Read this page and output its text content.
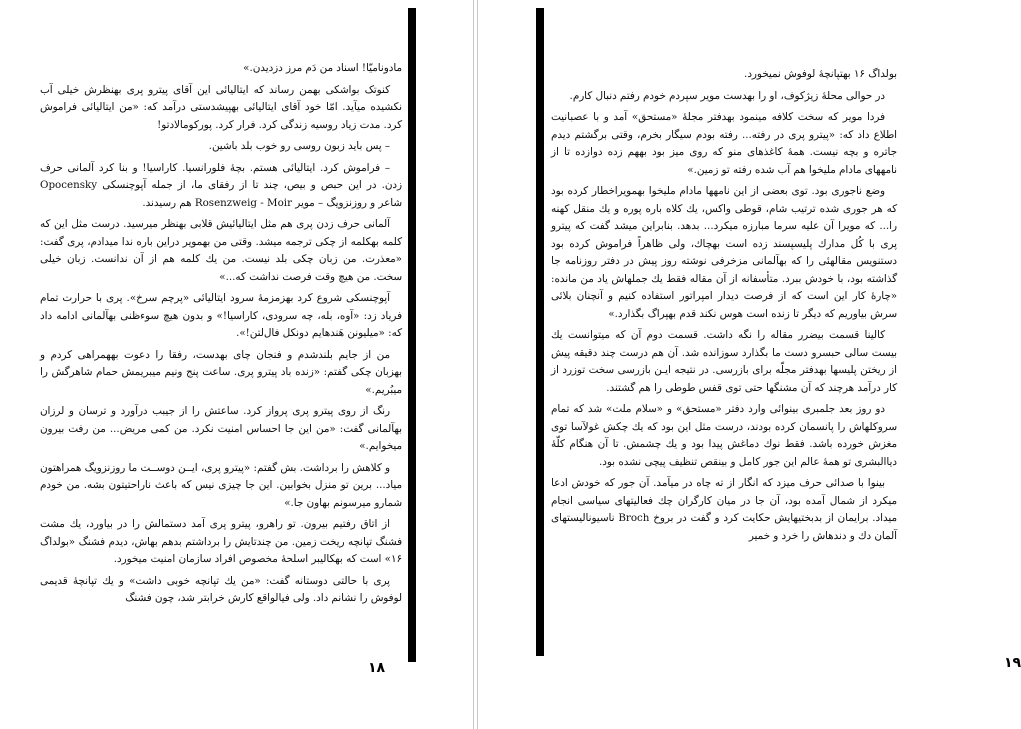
مادونامیّا! اسناد من دَم مرز دزدیدن.»

کنوتک بواشکی بهمن رساند که ایتالیائی این آقای پیترو پری بهنظرش خیلی آب نکشیده میآید. امّا خود آقای ایتالیائی بهپیشدستی درآمد که: «من ایتالیائی فراموش کرد. مدت زیاد روسیه زندگی کرد. فرار کرد. پورکومالادتو!

– پس باید زبون روسی رو خوب بلد باشین.

– فراموش کرد. ایتالیائی هستم. بچهٔ فلورانسیا. کاراسیا! و بنا کرد آلمانی حرف زدن. در این حبص و بیص، چند تا از رفقای ما، از جمله آپوچنسکی Opocensky شاعر و روزنزویگ – مویر Rosenzweig - Moir هم رسیدند.

آلمانی حرف زدن پری هم مثل ایتالیائیش قلابی بهنظر میرسید. درست مثل این که کلمه بهکلمه از چکی ترجمه میشد. وقتی من بهمویر دراین باره ندا میدادم، پری گفت: «معذرت. من زبان چکی بلد نیست. من یك کلمه هم از آن ندانست. زبان خیلی سخت. من هیچ وقت فرصت نداشت که...»

آپوچنسکی شروع کرد بهزمزمهٔ سرود ایتالیائی «پرچم سرخ». پری با حرارت تمام فریاد زد: «آوه، بله، چه سرودی، کاراسیا!» و بدون هیچ سوءظنی بهآلمانی ادامه داد که: «میلیونن هَندهایم دونکل فال‌لتن!».

من از جایم بلندشدم و فنجان چای بهدست، رفقا را دعوت بههمراهی کردم و بهزبان چکی گفتم: «زنده باد پیترو پری. ساعت پنج ونیم میبریمش حمام شاهرگش را میبُریم.»

رنگ از روی پیترو پری پرواز کرد. ساعتش را از جیبب درآورد و ترسان و لرزان بهآلمانی گفت: «من این جا احساس امنیت نکرد. من کمی مریض... من رفت بیرون میخوایم.»

و کلاهش را برداشت. بش گفتم: «پیترو پری، ایــن دوســت ما روزنزویگ همراهتون میاد... برین تو منزل بخوابین. این جا چیزی نیس که باعث ناراحتیتون بشه. من خودم شمارو میرسونم بهاون جا.»

از اتاق رفتیم بیرون. تو راهرو، پیترو پری آمد دستمالش را در بیاورد، یك مشت فشنگ تپانچه ریخت زمین. من چندتایش را برداشتم بدهم بهاش، دیدم فشنگ «بولداگ ۱۶» است که بهکالیبر اسلحهٔ مخصوص افراد سازمان امنیت میخورد.

پری با حالتی دوستانه گفت: «من یك تپانچه خوبی داشت» و یك تپانچهٔ قدیمی لوفوش را نشانم داد. ولی فیالواقع کارش خرابتر شد، چون فشنگ

۱۸

بولداگ ۱۶ بهتپانچهٔ لوفوش نمیخورد.

در حوالی محلهٔ زیژکوف، او را بهدست مویر سپردم خودم رفتم دنبال کارم.

فردا مویر که سخت کلافه مینمود بهدفتر مجلهٔ «مستحق» آمد و با عصبانیت اطلاع داد که: «پیترو پری در رفته... رفته بودم سیگار بخرم، وقتی برگشتم دیدم جاتره و بچه نیست. همهٔ کاغذهای منو که روی میز بود بههم زده دوازده تا از نامههای مادام ملیخوا هم آب شده رفته تو زمین.»

وضع ناجوری بود. توی بعضی از این نامهها مادام ملیخوا بهمویراخطار کرده بود که هر جوری شده ترتیب شام، قوطی واکس، یك کلاه باره پوره و یك منقل کهنه را... که مویرا آن علیه سرما مبارزه میکرد... بدهد. بنابراین میشد گفت که پیترو پری با کُل مدارك پلیسپسند زده است بهچاك، ولی ظاهراً فراموش کرده بود دستنویس مقالهئی را که بهآلمانی مزخرفی نوشته روز پیش در دفتر روزنامه جا گذاشته بود، با خودش ببرد. متأسفانه از آن مقاله فقط یك جملهاش یاد من مانده: «چارهٔ کار این است که از فرصت دیدار امپراتور استفاده کنیم و آنچنان بلائی سرش بیاوریم که دیگر تا زنده است هوس نکند قدم بهپراگ بگذارد.»

کالینا قسمت بیضرر مقاله را نگه داشت. قسمت دوم آن که میتوانست یك بیست سالی حبسرو دست ما بگذارد سوزانده شد. آن هم درست چند دقیقه پیش از ریختن پلیسها بهدفتر مجلّه برای بازرسی. در نتیجه ایـن بازرسی سخت توزرد از کار درآمد هرچند که آن مشنگها حتی توی قفس طوطی را هم گشتند.

دو روز بعد جلمبری بینوائی وارد دفتر «مستحق» و «سلام ملت» شد که تمام سروکلهاش را پانسمان کرده بودند، درست مثل این بود که یك چکش غولآسا توی مغزش خورده باشد. فقط نوك دماغش پیدا بود و یك چشمش. تا آن هنگام کلّهٔ دیاالبشری تو همهٔ عالم این جور کامل و بینقص تنظیف پیچی نشده بود.

بینوا با صدائی حرف میزد که انگار از ته چاه در میآمد. آن جور که خودش ادعا میکرد از شمال آمده بود، آن جا در میان کارگران چك فعالیتهای سیاسی انجام میداد. برایمان از بدبختیهایش حکایت کرد و گفت در بروخ Broch ناسیونالیستهای آلمان دك و دندهاش را خرد و خمیر

۱۹
